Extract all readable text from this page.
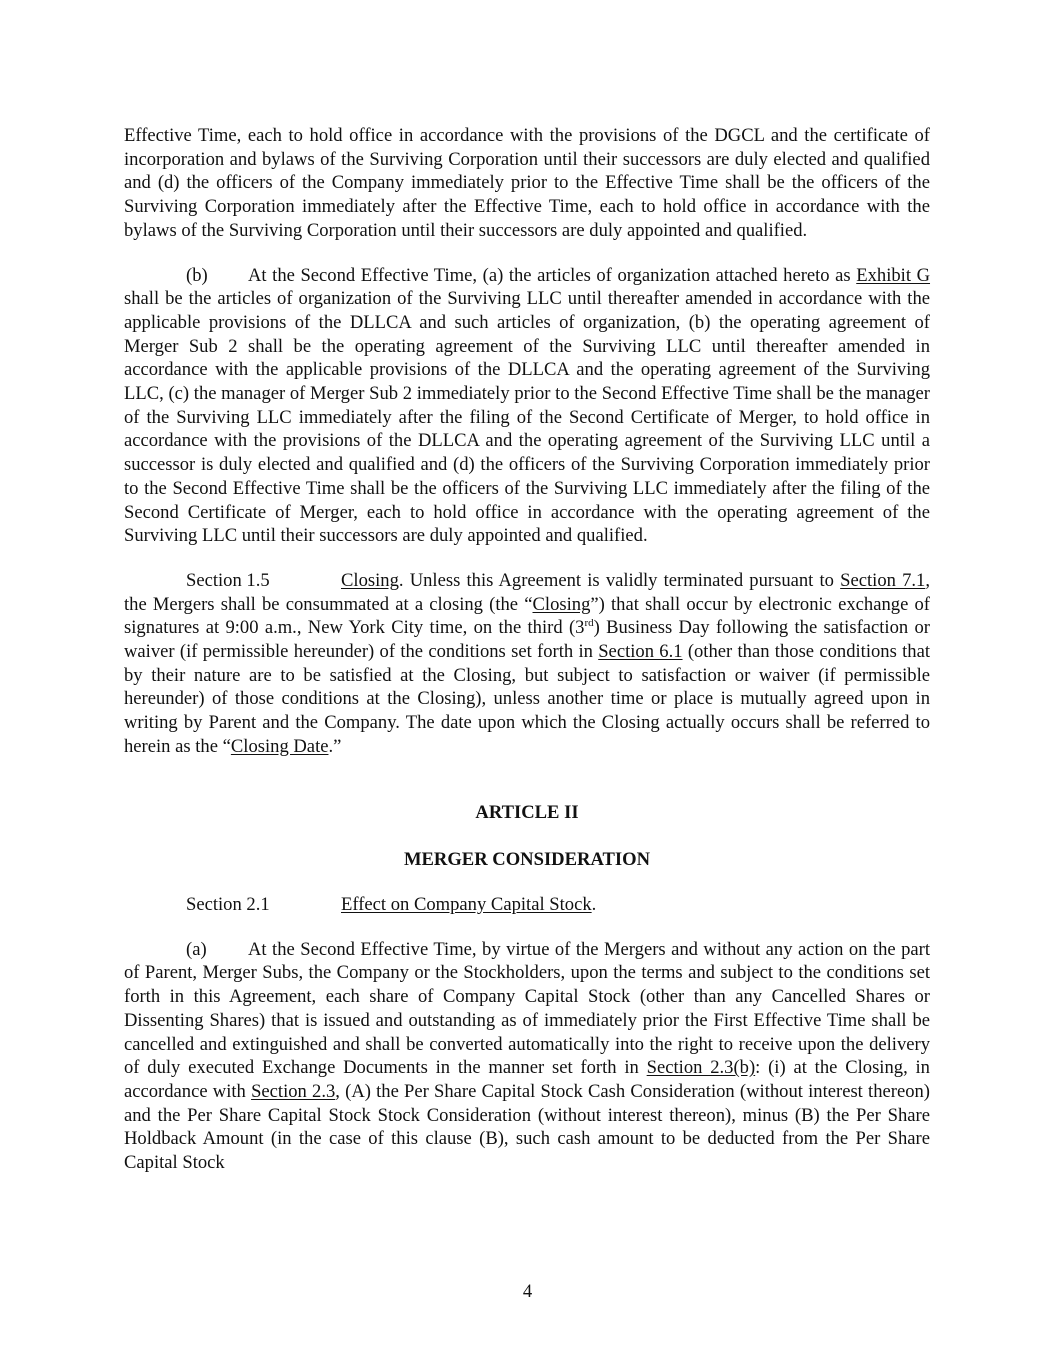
Effective Time, each to hold office in accordance with the provisions of the DGCL and the certificate of incorporation and bylaws of the Surviving Corporation until their successors are duly elected and qualified and (d) the officers of the Company immediately prior to the Effective Time shall be the officers of the Surviving Corporation immediately after the Effective Time, each to hold office in accordance with the bylaws of the Surviving Corporation until their successors are duly appointed and qualified.

(b) At the Second Effective Time, (a) the articles of organization attached hereto as Exhibit G shall be the articles of organization of the Surviving LLC until thereafter amended in accordance with the applicable provisions of the DLLCA and such articles of organization, (b) the operating agreement of Merger Sub 2 shall be the operating agreement of the Surviving LLC until thereafter amended in accordance with the applicable provisions of the DLLCA and the operating agreement of the Surviving LLC, (c) the manager of Merger Sub 2 immediately prior to the Second Effective Time shall be the manager of the Surviving LLC immediately after the filing of the Second Certificate of Merger, to hold office in accordance with the provisions of the DLLCA and the operating agreement of the Surviving LLC until a successor is duly elected and qualified and (d) the officers of the Surviving Corporation immediately prior to the Second Effective Time shall be the officers of the Surviving LLC immediately after the filing of the Second Certificate of Merger, each to hold office in accordance with the operating agreement of the Surviving LLC until their successors are duly appointed and qualified.

Section 1.5	Closing. Unless this Agreement is validly terminated pursuant to Section 7.1, the Mergers shall be consummated at a closing (the “Closing”) that shall occur by electronic exchange of signatures at 9:00 a.m., New York City time, on the third (3rd) Business Day following the satisfaction or waiver (if permissible hereunder) of the conditions set forth in Section 6.1 (other than those conditions that by their nature are to be satisfied at the Closing, but subject to satisfaction or waiver (if permissible hereunder) of those conditions at the Closing), unless another time or place is mutually agreed upon in writing by Parent and the Company. The date upon which the Closing actually occurs shall be referred to herein as the “Closing Date.”

ARTICLE II

MERGER CONSIDERATION

Section 2.1	Effect on Company Capital Stock.

(a) At the Second Effective Time, by virtue of the Mergers and without any action on the part of Parent, Merger Subs, the Company or the Stockholders, upon the terms and subject to the conditions set forth in this Agreement, each share of Company Capital Stock (other than any Cancelled Shares or Dissenting Shares) that is issued and outstanding as of immediately prior the First Effective Time shall be cancelled and extinguished and shall be converted automatically into the right to receive upon the delivery of duly executed Exchange Documents in the manner set forth in Section 2.3(b): (i) at the Closing, in accordance with Section 2.3, (A) the Per Share Capital Stock Cash Consideration (without interest thereon) and the Per Share Capital Stock Stock Consideration (without interest thereon), minus (B) the Per Share Holdback Amount (in the case of this clause (B), such cash amount to be deducted from the Per Share Capital Stock

4
